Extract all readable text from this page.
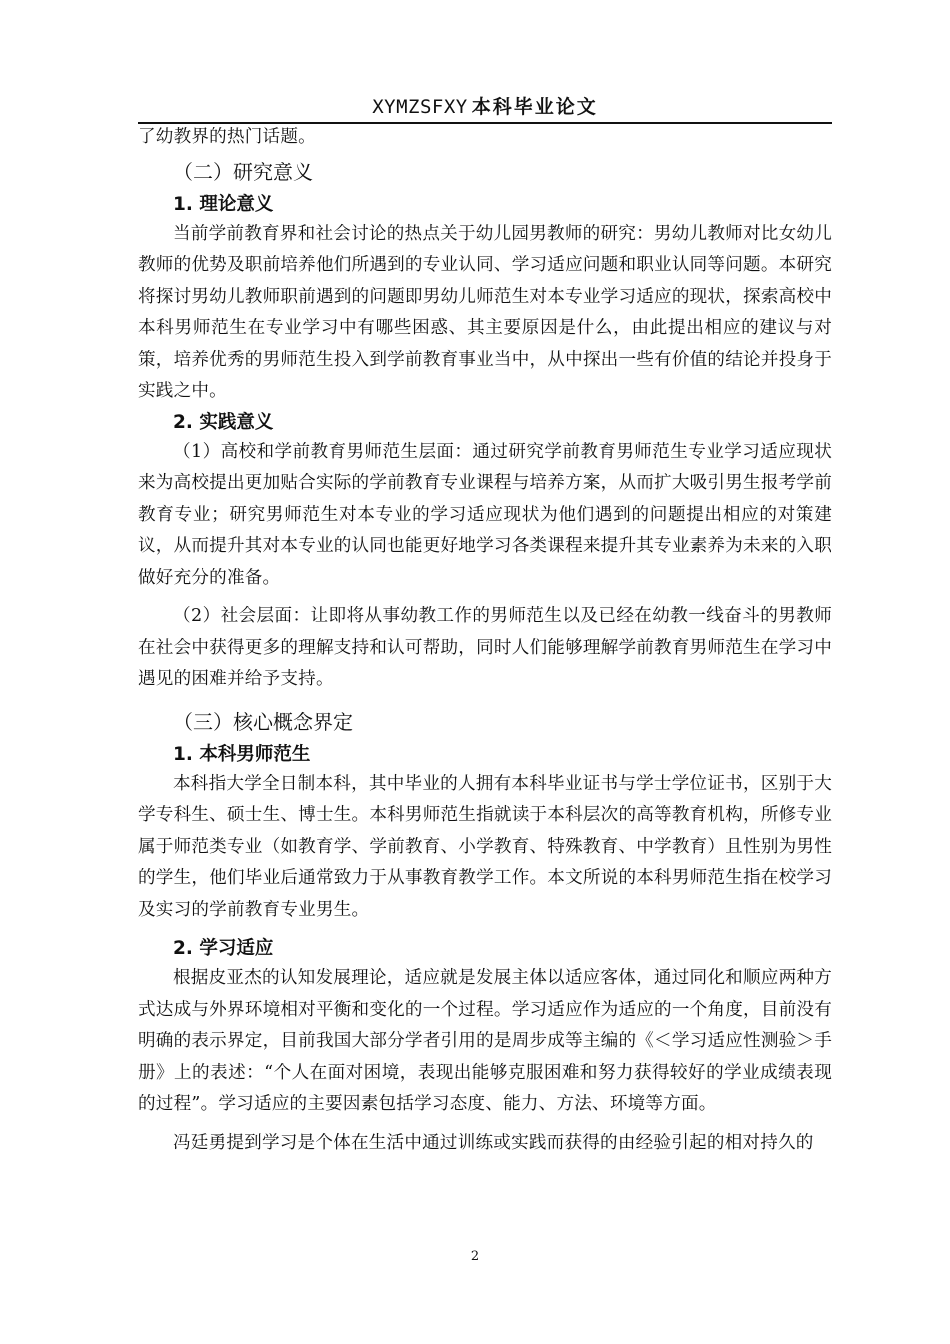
XYMZSFXY 本科毕业论文

了幼教界的热门话题。

（二）研究意义
1. 理论意义

当前学前教育界和社会讨论的热点关于幼儿园男教师的研究：男幼儿教师对比女幼儿教师的优势及职前培养他们所遇到的专业认同、学习适应问题和职业认同等问题。本研究将探讨男幼儿教师职前遇到的问题即男幼儿师范生对本专业学习适应的现状，探索高校中本科男师范生在专业学习中有哪些困惑、其主要原因是什么，由此提出相应的建议与对策，培养优秀的男师范生投入到学前教育事业当中，从中探出一些有价值的结论并投身于实践之中。

2. 实践意义

（1）高校和学前教育男师范生层面：通过研究学前教育男师范生专业学习适应现状来为高校提出更加贴合实际的学前教育专业课程与培养方案，从而扩大吸引男生报考学前教育专业；研究男师范生对本专业的学习适应现状为他们遇到的问题提出相应的对策建议，从而提升其对本专业的认同也能更好地学习各类课程来提升其专业素养为未来的入职做好充分的准备。

（2）社会层面：让即将从事幼教工作的男师范生以及已经在幼教一线奋斗的男教师在社会中获得更多的理解支持和认可帮助，同时人们能够理解学前教育男师范生在学习中遇见的困难并给予支持。

（三）核心概念界定
1. 本科男师范生

本科指大学全日制本科，其中毕业的人拥有本科毕业证书与学士学位证书，区别于大学专科生、硕士生、博士生。本科男师范生指就读于本科层次的高等教育机构，所修专业属于师范类专业（如教育学、学前教育、小学教育、特殊教育、中学教育）且性别为男性的学生，他们毕业后通常致力于从事教育教学工作。本文所说的本科男师范生指在校学习及实习的学前教育专业男生。

2. 学习适应

根据皮亚杰的认知发展理论，适应就是发展主体以适应客体，通过同化和顺应两种方式达成与外界环境相对平衡和变化的一个过程。学习适应作为适应的一个角度，目前没有明确的表示界定，目前我国大部分学者引用的是周步成等主编的《＜学习适应性测验＞手册》上的表述：“个人在面对困境，表现出能够克服困难和努力获得较好的学业成绩表现的过程”。学习适应的主要因素包括学习态度、能力、方法、环境等方面。

冯廷勇提到学习是个体在生活中通过训练或实践而获得的由经验引起的相对持久的

2
